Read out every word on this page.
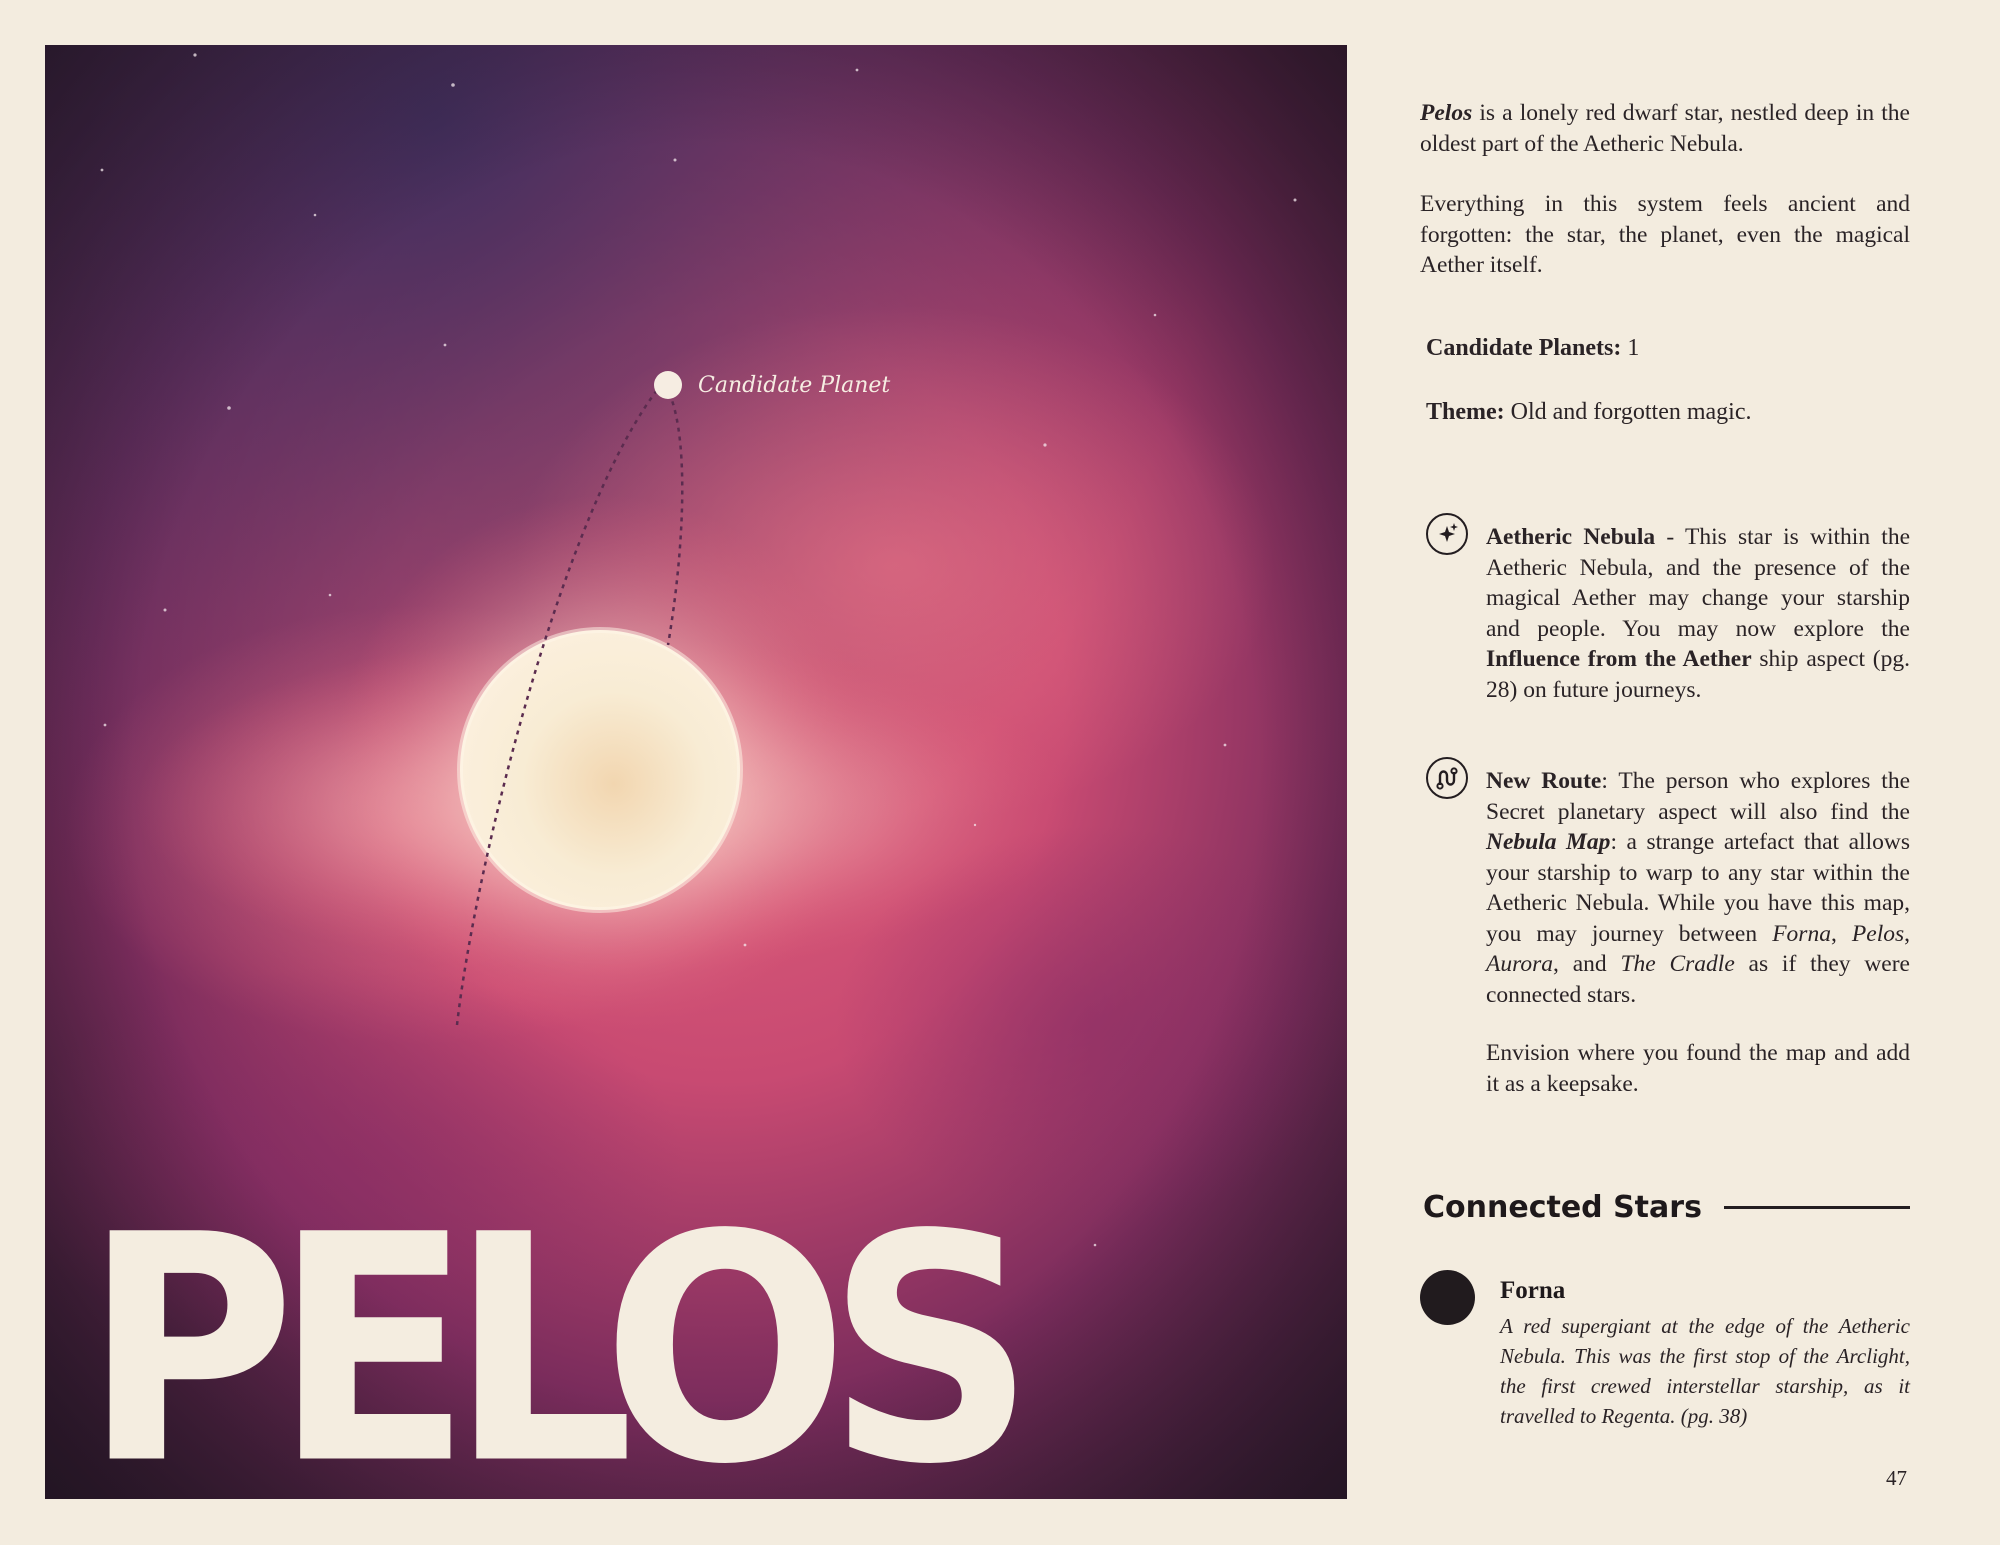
Candidate Planet
PELOS
Pelos is a lonely red dwarf star, nestled deep in the oldest part of the Aetheric Nebula.
Everything in this system feels ancient and forgotten: the star, the planet, even the magical Aether itself.
Candidate Planets: 1
Theme: Old and forgotten magic.
Aetheric Nebula - This star is within the Aetheric Nebula, and the presence of the magical Aether may change your starship and people. You may now explore the Influence from the Aether ship aspect (pg. 28) on future journeys.
New Route: The person who explores the Secret planetary aspect will also find the Nebula Map: a strange artefact that allows your starship to warp to any star within the Aetheric Nebula. While you have this map, you may journey between Forna, Pelos, Aurora, and The Cradle as if they were connected stars.
Envision where you found the map and add it as a keepsake.
Connected Stars
Forna
A red supergiant at the edge of the Aetheric Nebula. This was the first stop of the Arclight, the first crewed interstellar starship, as it travelled to Regenta. (pg. 38)
47
